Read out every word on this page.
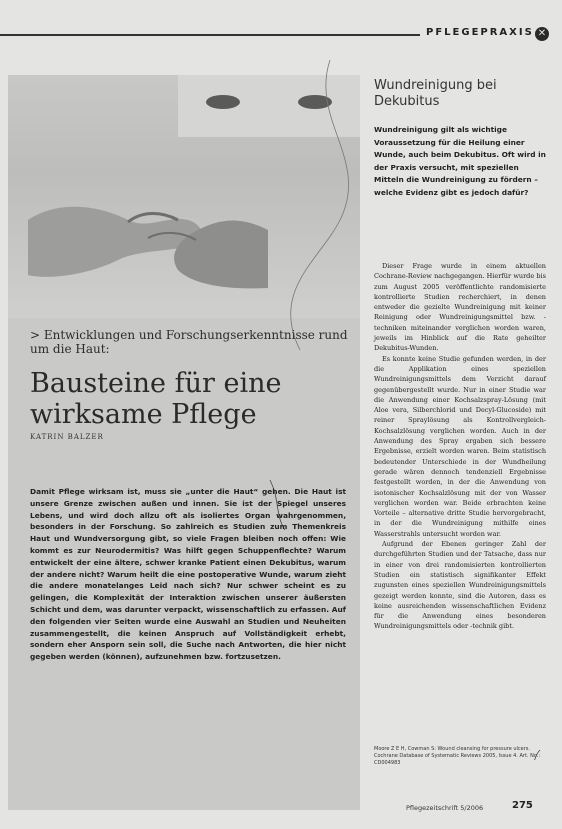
PFLEGEPRAXIS ✕
> Entwicklungen und Forschungserkenntnisse rund um die Haut:
Bausteine für eine wirksame Pflege
KATRIN BALZER
Damit Pflege wirksam ist, muss sie „unter die Haut“ gehen. Die Haut ist unsere Grenze zwischen außen und innen. Sie ist der Spiegel unseres Lebens, und wird doch allzu oft als isoliertes Organ wahrgenommen, besonders in der Forschung. So zahlreich es Studien zum Themenkreis Haut und Wundversorgung gibt, so viele Fragen bleiben noch offen: Wie kommt es zur Neurodermitis? Was hilft gegen Schuppenflechte? Warum entwickelt der eine ältere, schwer kranke Patient einen Dekubitus, warum der andere nicht? Warum heilt die eine postoperative Wunde, warum zieht die andere monatelanges Leid nach sich? Nur schwer scheint es zu gelingen, die Komplexität der Interaktion zwischen unserer äußersten Schicht und dem, was darunter verpackt, wissenschaftlich zu erfassen. Auf den folgenden vier Seiten wurde eine Auswahl an Studien und Neuheiten zusammengestellt, die keinen Anspruch auf Vollständigkeit erhebt, sondern eher Ansporn sein soll, die Suche nach Antworten, die hier nicht gegeben werden (können), aufzunehmen bzw. fortzusetzen.
Wundreinigung bei Dekubitus
Wundreinigung gilt als wichtige Voraussetzung für die Heilung einer Wunde, auch beim Dekubitus. Oft wird in der Praxis versucht, mit speziellen Mitteln die Wundreinigung zu fördern – welche Evidenz gibt es jedoch dafür?

Dieser Frage wurde in einem aktuellen Cochrane-Review nachgegangen. Hierfür wurde bis zum August 2005 veröffentlichte randomisierte kontrollierte Studien recherchiert, in denen entweder die gezielte Wundreinigung mit keiner Reinigung oder Wundreinigungsmittel bzw. -techniken miteinander verglichen worden waren, jeweils im Hinblick auf die Rate geheilter Dekubitus-Wunden.

Es konnte keine Studie gefunden werden, in der die Applikation eines speziellen Wundreinigungsmittels dem Verzicht darauf gegenübergestellt wurde. Nur in einer Studie war die Anwendung einer Kochsalzspray-Lösung (mit Aloe vera, Silberchlorid und Decyl-Glucoside) mit reiner Spraylösung als Kontrollvergleich-Kochsalzlösung verglichen worden. Auch in der Anwendung des Spray ergaben sich bessere Ergebnisse, erzielt worden waren. Beim statistisch bedeutender Unterschiede in der Wundheilung gerade wären dennoch tendenziell Ergebnisse festgestellt worden, in der die Anwendung von isotonischer Kochsalzlösung mit der von Wasser verglichen worden war. Beide erbrachten keine Vorteile – alternative dritte Studie hervorgebracht, in der die Wundreinigung mithilfe eines Wasserstrahls untersucht worden war.

Aufgrund der Ebenen geringer Zahl der durchgeführten Studien und der Tatsache, dass nur in einer von drei randomisierten kontrollierten Studien ein statistisch signifikanter Effekt zugunsten eines speziellen Wundreinigungsmittels gezeigt werden konnte, sind die Autoren, dass es keine ausreichenden wissenschaftlichen Evidenz für die Anwendung eines besonderen Wundreinigungsmittels oder -technik gibt.

Moore Z E H, Cowman S: Wound cleansing for pressure ulcers. Cochrane Database of Systematic Reviews 2005, Issue 4. Art. No.: CD004983
Pflegezeitschrift 5/2006	275
